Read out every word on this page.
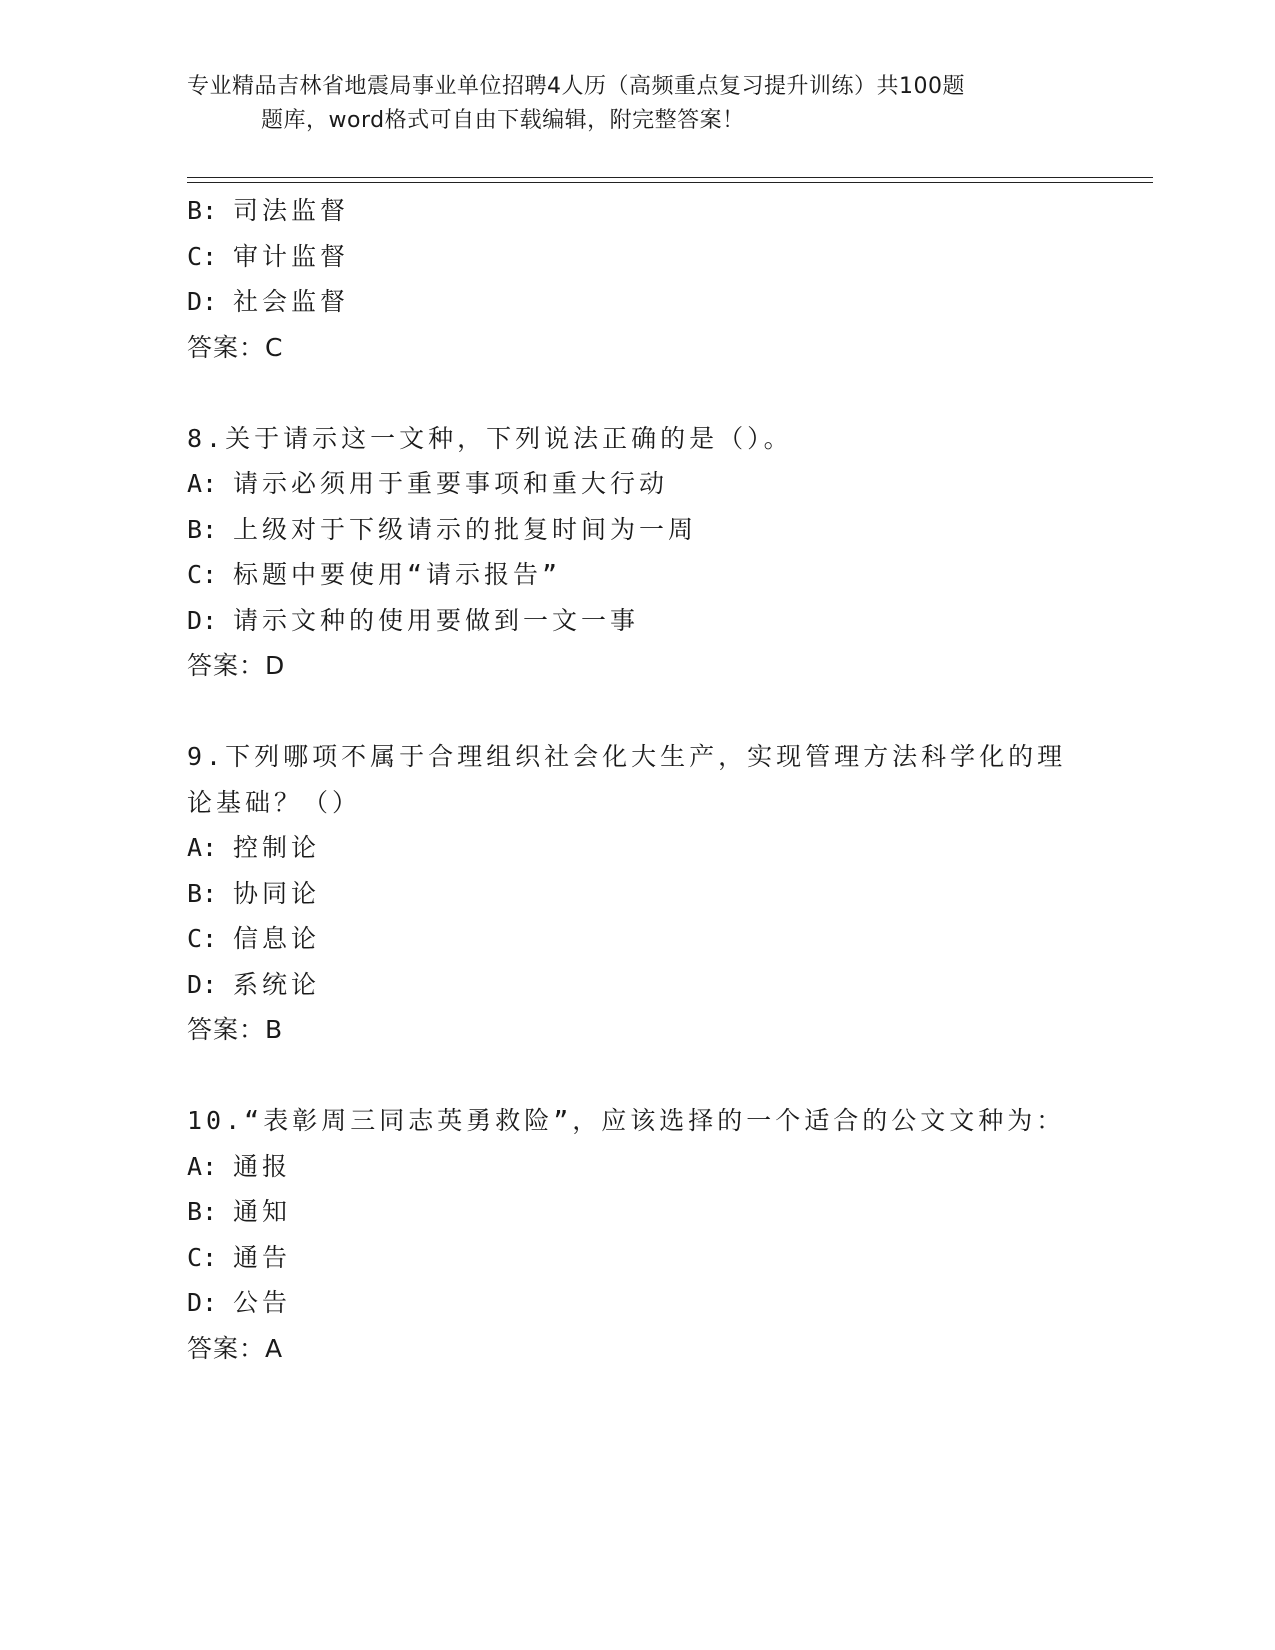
专业精品吉林省地震局事业单位招聘4人历（高频重点复习提升训练）共100题
题库，word格式可自由下载编辑，附完整答案！
B: 司法监督
C: 审计监督
D: 社会监督
答案：C
8.关于请示这一文种，下列说法正确的是（）。
A: 请示必须用于重要事项和重大行动
B: 上级对于下级请示的批复时间为一周
C: 标题中要使用“请示报告”
D: 请示文种的使用要做到一文一事
答案：D
9.下列哪项不属于合理组织社会化大生产，实现管理方法科学化的理
论基础？（）
A: 控制论
B: 协同论
C: 信息论
D: 系统论
答案：B
10.“表彰周三同志英勇救险”，应该选择的一个适合的公文文种为：
A: 通报
B: 通知
C: 通告
D: 公告
答案：A
